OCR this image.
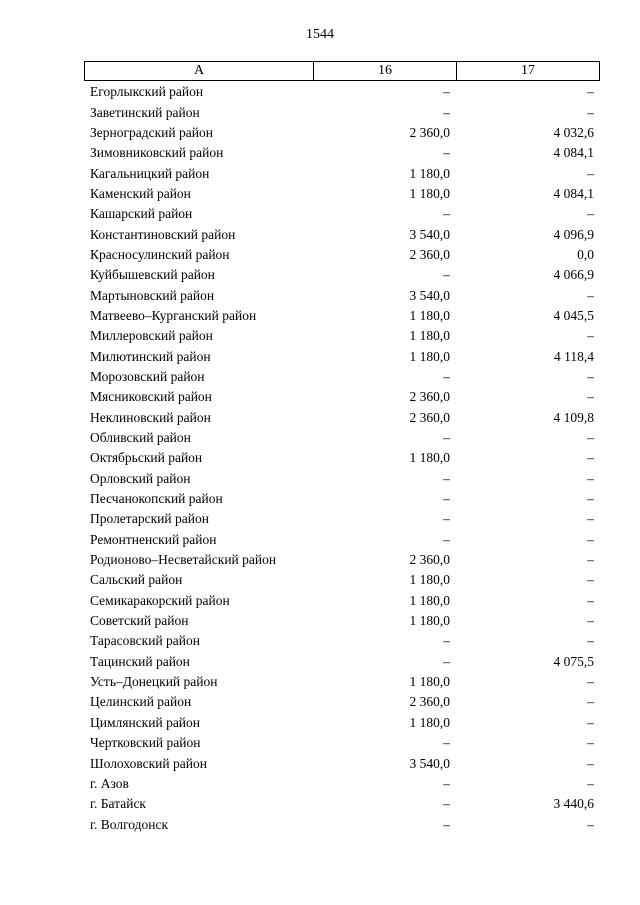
1544
А	16	17
Егорлыкский район	–	–
Заветинский район	–	–
Зерноградский район	2 360,0	4 032,6
Зимовниковский район	–	4 084,1
Кагальницкий район	1 180,0	–
Каменский район	1 180,0	4 084,1
Кашарский район	–	–
Константиновский район	3 540,0	4 096,9
Красносулинский район	2 360,0	0,0
Куйбышевский район	–	4 066,9
Мартыновский район	3 540,0	–
Матвеево–Курганский район	1 180,0	4 045,5
Миллеровский район	1 180,0	–
Милютинский район	1 180,0	4 118,4
Морозовский район	–	–
Мясниковский район	2 360,0	–
Неклиновский район	2 360,0	4 109,8
Обливский район	–	–
Октябрьский район	1 180,0	–
Орловский район	–	–
Песчанокопский район	–	–
Пролетарский район	–	–
Ремонтненский район	–	–
Родионово–Несветайский район	2 360,0	–
Сальский район	1 180,0	–
Семикаракорский район	1 180,0	–
Советский район	1 180,0	–
Тарасовский район	–	–
Тацинский район	–	4 075,5
Усть–Донецкий район	1 180,0	–
Целинский район	2 360,0	–
Цимлянский район	1 180,0	–
Чертковский район	–	–
Шолоховский район	3 540,0	–
г. Азов	–	–
г. Батайск	–	3 440,6
г. Волгодонск	–	–
